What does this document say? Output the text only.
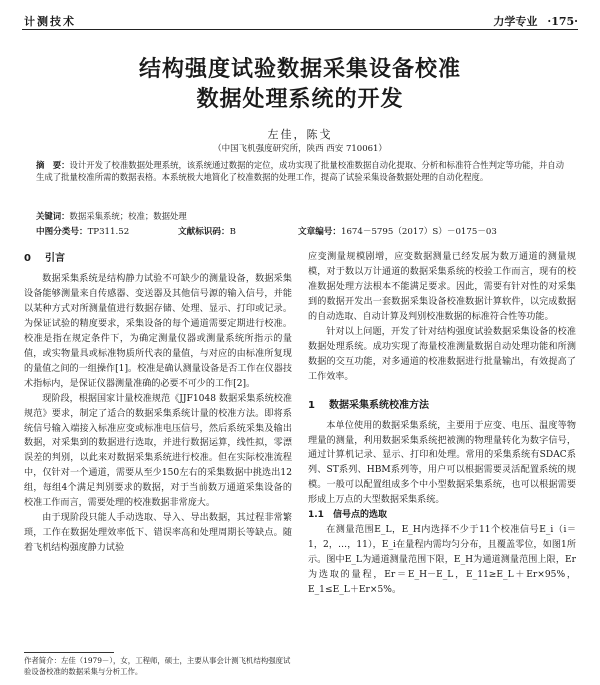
计测技术	力学专业 ·175·
结构强度试验数据采集设备校准
数据处理系统的开发
左佳，陈戈
（中国飞机强度研究所，陕西 西安 710061）
摘　要：设计开发了校准数据处理系统，该系统通过数据的定位，成功实现了批量校准数据自动化提取、分析和标准符合性判定等功能，并自动生成了批量校准所需的数据表格。本系统极大地简化了校准数据的处理工作，提高了试验采集设备数据处理的自动化程度。
关键词：数据采集系统；校准；数据处理
中图分类号：TP311.52	文献标识码：B	文章编号：1674－5795（2017）S）－0175－03
0 引言

数据采集系统是结构静力试验不可缺少的测量设备，数据采集设备能够测量来自传感器、变送器及其他信号源的输入信号，并能以某种方式对所测量值进行数据存储、处理、显示、打印或记录。为保证试验的精度要求，采集设备的每个通道需要定期进行校准。校准是指在规定条件下，为确定测量仪器或测量系统所指示的量值，或实物量具或标准物质所代表的量值，与对应的由标准所复现的量值之间的一组操作[1]。校准是确认测量设备是否工作在仪器技术指标内，是保证仪器测量准确的必要不可少的工作[2]。

现阶段，根据国家计量校准规范《JJF1048 数据采集系统校准规范》要求，制定了适合的数据采集系统计量的校准方法。即将系统信号输入端接入标准应变或标准电压信号，然后系统采集及输出数据，对采集到的数据进行选取，并进行数据运算，线性拟，零漂误差的判别，以此来对数据采集系统进行校准。但在实际校准流程中，仅针对一个通道，需要从至少150左右的采集数据中挑选出12组，每组4个满足判别要求的数据，对于当前数万通道采集设备的校准工作而言，需要处理的校准数据非常庞大。

由于现阶段只能人手动选取、导入、导出数据，其过程非常繁琐，工作在数据处理效率低下、错误率高和处理周期长等缺点。随着飞机结构强度静力试验

应变测量规模剧增，应变数据测量已经发展为数万通道的测量规模，对于数以万计通道的数据采集系统的校验工作而言，现有的校准数据处理方法根本不能满足要求。因此，需要有针对性的对采集到的数据开发出一套数据采集设备校准数据计算软件，以完成数据的自动选取、自动计算及判别校准数据的标准符合性等功能。

针对以上问题，开发了针对结构强度试验数据采集设备的校准数据处理系统。成功实现了海量校准测量数据自动处理功能和所测数据的交互功能，对多通道的校准数据进行批量输出，有效提高了工作效率。

1 数据采集系统校准方法

本单位使用的数据采集系统，主要用于应变、电压、温度等物理量的测量，利用数据采集系统把被测的物理量转化为数字信号，通过计算机记录、显示、打印和处理。常用的采集系统有SDAC系列、ST系列、HBM系列等，用户可以根据需要灵活配置系统的规模。一般可以配置组成多个中小型数据采集系统，也可以根据需要形成上万点的大型数据采集系统。

1.1　 信号点的选取

在测量范围E_L，E_H内选择不少于11个校准信号E_i（i＝1，2，…，11），E_i在量程内需均匀分布，且覆盖零位，如图1所示。图中E_L为通道测量范围下限，E_H为通道测量范围上限，Er为选取的量程，Er＝E_H－E_L，E_11≥E_L＋Er×95%，E_1≤E_L＋Er×5%。

作者简介：左佳（1979－），女，工程师，硕士，主要从事会计测飞机结构强度试验设备校准的数据采集与分析工作。
